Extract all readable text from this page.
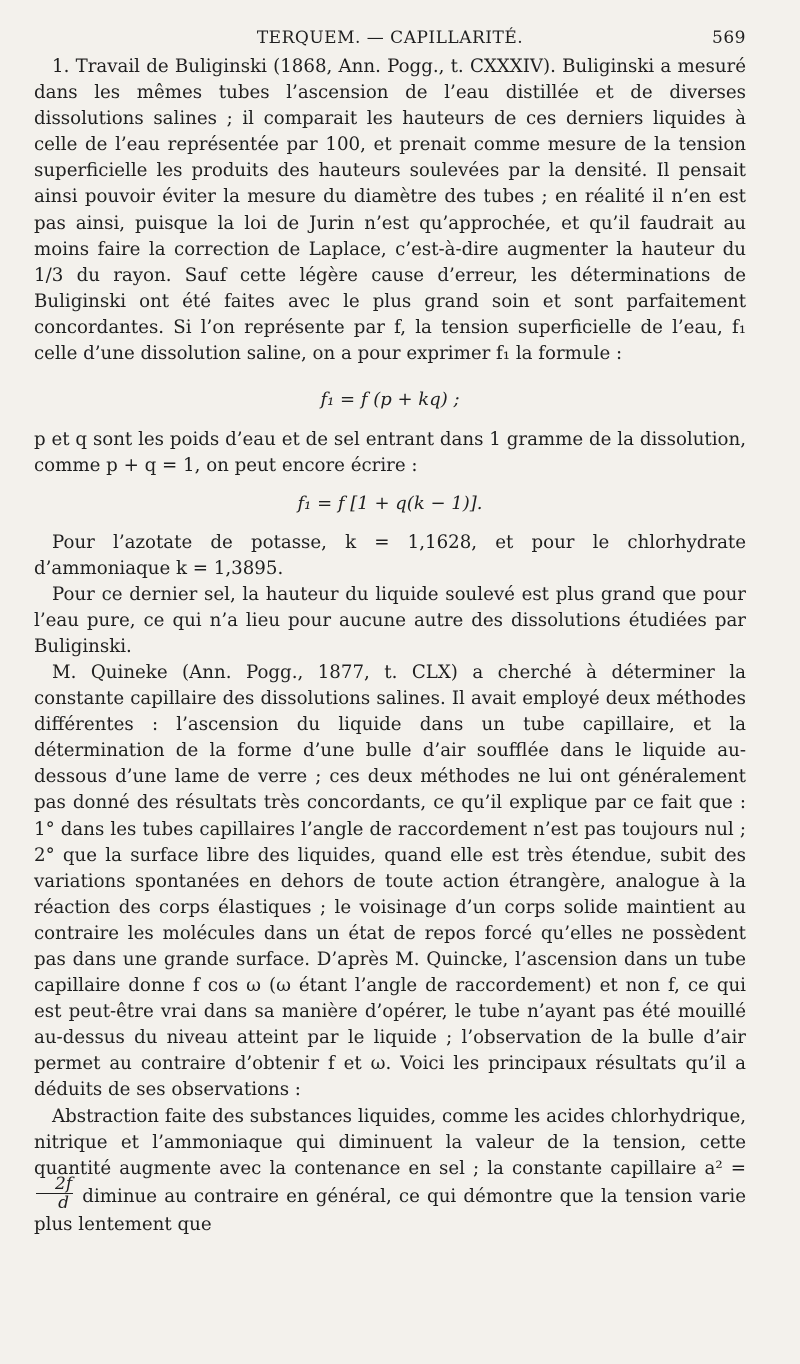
TERQUEM. — CAPILLARITÉ.	569

1. Travail de Buliginski (1868, Ann. Pogg., t. CXXXIV). Buliginski a mesuré dans les mêmes tubes l’ascension de l’eau distillée et de diverses dissolutions salines ; il comparait les hauteurs de ces derniers liquides à celle de l’eau représentée par 100, et prenait comme mesure de la tension superficielle les produits des hauteurs soulevées par la densité. Il pensait ainsi pouvoir éviter la mesure du diamètre des tubes ; en réalité il n’en est pas ainsi, puisque la loi de Jurin n’est qu’approchée, et qu’il faudrait au moins faire la correction de Laplace, c’est-à-dire augmenter la hauteur du 1/3 du rayon. Sauf cette légère cause d’erreur, les déterminations de Buliginski ont été faites avec le plus grand soin et sont parfaitement concordantes. Si l’on représente par f, la tension superficielle de l’eau, f₁ celle d’une dissolution saline, on a pour exprimer f₁ la formule :

f₁ = f (p + kq) ;

p et q sont les poids d’eau et de sel entrant dans 1 gramme de la dissolution, comme p + q = 1, on peut encore écrire :

f₁ = f [1 + q(k − 1)].

Pour l’azotate de potasse, k = 1,1628, et pour le chlorhydrate d’ammoniaque k = 1,3895.

Pour ce dernier sel, la hauteur du liquide soulevé est plus grand que pour l’eau pure, ce qui n’a lieu pour aucune autre des dissolutions étudiées par Buliginski.

M. Quineke (Ann. Pogg., 1877, t. CLX) a cherché à déterminer la constante capillaire des dissolutions salines. Il avait employé deux méthodes différentes : l’ascension du liquide dans un tube capillaire, et la détermination de la forme d’une bulle d’air soufflée dans le liquide au-dessous d’une lame de verre ; ces deux méthodes ne lui ont généralement pas donné des résultats très concordants, ce qu’il explique par ce fait que : 1° dans les tubes capillaires l’angle de raccordement n’est pas toujours nul ; 2° que la surface libre des liquides, quand elle est très étendue, subit des variations spontanées en dehors de toute action étrangère, analogue à la réaction des corps élastiques ; le voisinage d’un corps solide maintient au contraire les molécules dans un état de repos forcé qu’elles ne possèdent pas dans une grande surface. D’après M. Quincke, l’ascension dans un tube capillaire donne f cos ω (ω étant l’angle de raccordement) et non f, ce qui est peut-être vrai dans sa manière d’opérer, le tube n’ayant pas été mouillé au-dessus du niveau atteint par le liquide ; l’observation de la bulle d’air permet au contraire d’obtenir f et ω. Voici les principaux résultats qu’il a déduits de ses observations :

Abstraction faite des substances liquides, comme les acides chlorhydrique, nitrique et l’ammoniaque qui diminuent la valeur de la tension, cette quantité augmente avec la contenance en sel ; la constante capillaire a² =
$\frac{2f}{d}$ diminue au contraire en général, ce qui démontre que la tension varie plus lentement que
